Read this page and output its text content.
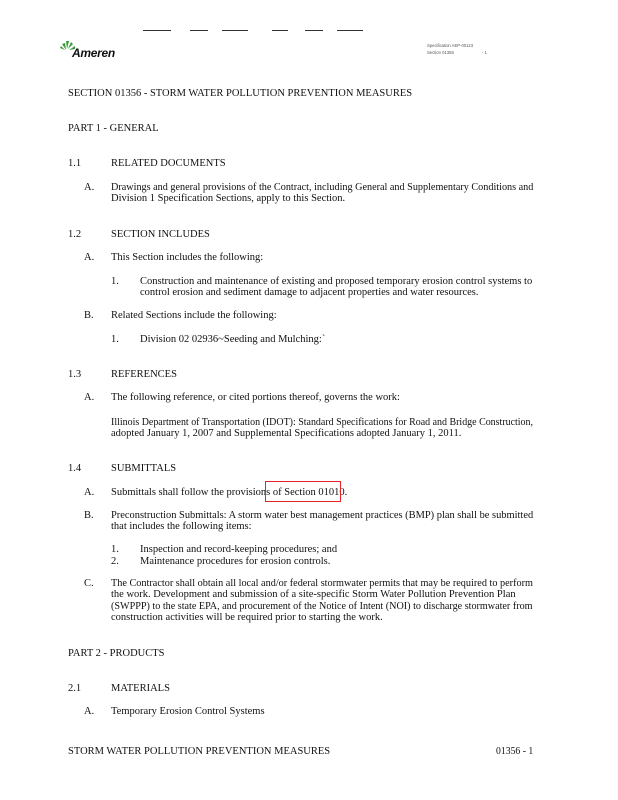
Ameren
Specification AEP-00123
Section 01356	- 1
SECTION 01356 - STORM WATER POLLUTION PREVENTION MEASURES
PART 1 - GENERAL
1.1	RELATED DOCUMENTS
A. Drawings and general provisions of the Contract, including General and Supplementary Conditions and
Division 1 Specification Sections, apply to this Section.
1.2	SECTION INCLUDES
A. This Section includes the following:
1. Construction and maintenance of existing and proposed temporary erosion control systems to
control erosion and sediment damage to adjacent properties and water resources.
B. Related Sections include the following:
1. Division 02 02936~Seeding and Mulching:`
1.3	REFERENCES
A. The following reference, or cited portions thereof, governs the work:
Illinois Department of Transportation (IDOT): Standard Specifications for Road and Bridge Construction,
adopted January 1, 2007 and Supplemental Specifications adopted January 1, 2011.
1.4	SUBMITTALS
A. Submittals shall follow the provisions of Section 01010.
B. Preconstruction Submittals: A storm water best management practices (BMP) plan shall be submitted
that includes the following items:
1. Inspection and record-keeping procedures; and
2. Maintenance procedures for erosion controls.
C. The Contractor shall obtain all local and/or federal stormwater permits that may be required to perform
the work. Development and submission of a site-specific Storm Water Pollution Prevention Plan
(SWPPP) to the state EPA, and procurement of the Notice of Intent (NOI) to discharge stormwater from
construction activities will be required prior to starting the work.
PART 2 - PRODUCTS
2.1	MATERIALS
A. Temporary Erosion Control Systems
STORM WATER POLLUTION PREVENTION MEASURES	01356 - 1
